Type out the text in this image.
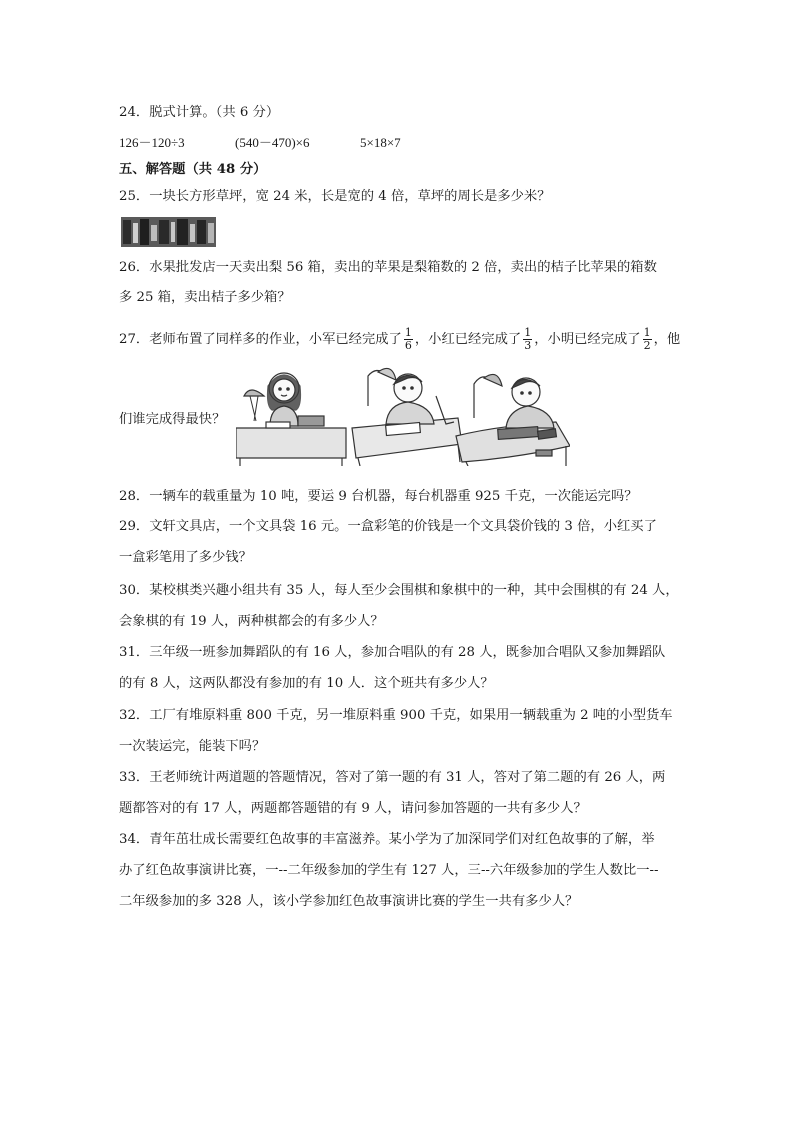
24．脱式计算。（共 6 分）
126－120÷3	(540－470)×6	5×18×7
五、解答题（共 48 分）
25．一块长方形草坪，宽 24 米，长是宽的 4 倍，草坪的周长是多少米？
26．水果批发店一天卖出梨 56 箱，卖出的苹果是梨箱数的 2 倍，卖出的桔子比苹果的箱数
多 25 箱，卖出桔子多少箱？
27．老师布置了同样多的作业，小军已经完成了 $\frac{1}{6}$ ，小红已经完成了 $\frac{1}{3}$ ，小明已经完成了 $\frac{1}{2}$ ，他
们谁完成得最快？
28．一辆车的载重量为 10 吨，要运 9 台机器，每台机器重 925 千克，一次能运完吗？
29．文轩文具店，一个文具袋 16 元。一盒彩笔的价钱是一个文具袋价钱的 3 倍，小红买了
一盒彩笔用了多少钱？
30．某校棋类兴趣小组共有 35 人，每人至少会围棋和象棋中的一种，其中会围棋的有 24 人，
会象棋的有 19 人，两种棋都会的有多少人？
31．三年级一班参加舞蹈队的有 16 人，参加合唱队的有 28 人，既参加合唱队又参加舞蹈队
的有 8 人，这两队都没有参加的有 10 人．这个班共有多少人？
32．工厂有堆原料重 800 千克，另一堆原料重 900 千克，如果用一辆载重为 2 吨的小型货车
一次装运完，能装下吗？
33．王老师统计两道题的答题情况，答对了第一题的有 31 人，答对了第二题的有 26 人，两
题都答对的有 17 人，两题都答题错的有 9 人，请问参加答题的一共有多少人？
34．青年茁壮成长需要红色故事的丰富滋养。某小学为了加深同学们对红色故事的了解，举
办了红色故事演讲比赛，一--二年级参加的学生有 127 人，三--六年级参加的学生人数比一--
二年级参加的多 328 人，该小学参加红色故事演讲比赛的学生一共有多少人？
